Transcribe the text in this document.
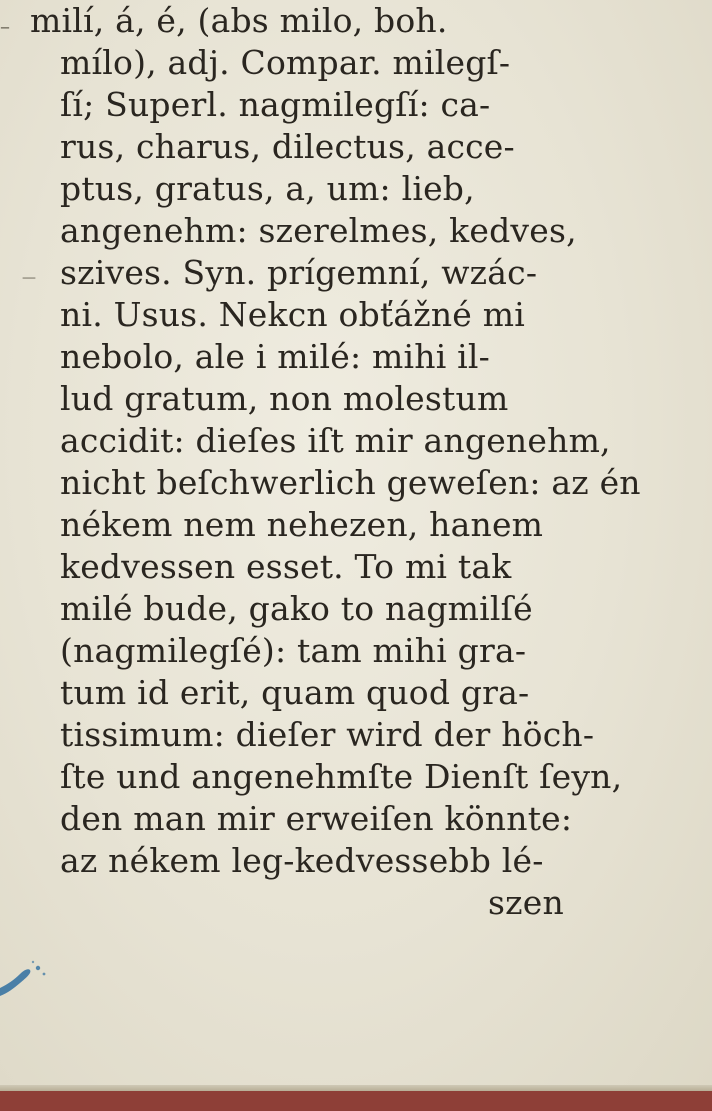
–
—
milí, á, é, (abs milo, boh.
mílo), adj. Compar. milegſ-
ſí; Superl. nagmilegſí: ca-
rus, charus, dilectus, acce-
ptus, gratus, a, um: lieb,
angenehm: szerelmes, kedves,
szives. Syn. prígemní, wzác-
ni. Usus. Nekcn obťážné mi
nebolo, ale i milé: mihi il-
lud gratum, non molestum
accidit: dieſes iſt mir angenehm,
nicht beſchwerlich geweſen: az én
nékem nem nehezen, hanem
kedvessen esset. To mi tak
milé bude, gako to nagmilſé
(nagmilegſé): tam mihi gra-
tum id erit, quam quod gra-
tissimum: dieſer wird der höch-
ſte und angenehmſte Dienſt ſeyn,
den man mir erweiſen könnte:
az nékem leg-kedvessebb lé-
szen
